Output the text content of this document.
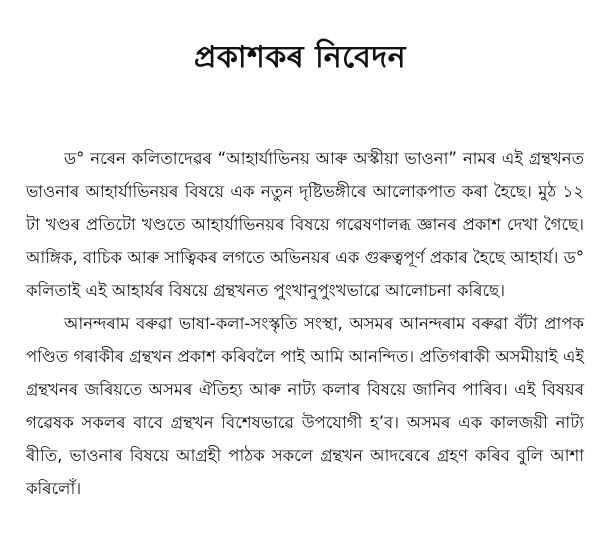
প্ৰকাশকৰ নিবেদন

ড° নৰেন কলিতাদেৱৰ “আহাৰ্যাভিনয় আৰু অস্কীয়া ভাওনা” নামৰ এই গ্ৰন্থখনত ভাওনাৰ আহাৰ্যাভিনয়ৰ বিষয়ে এক নতুন দৃষ্টিভঙ্গীৰে আলোকপাত কৰা হৈছে। মুঠ ১২ টা খণ্ডৰ প্ৰতিটো খণ্ডতে আহাৰ্যাভিনয়ৰ বিষয়ে গৱেষণালব্ধ জ্ঞানৰ প্ৰকাশ দেখা গৈছে। আঙ্গিক, বাচিক আৰু সাত্বিকৰ লগতে অভিনয়ৰ এক গুৰুত্বপূৰ্ণ প্ৰকাৰ হৈছে আহাৰ্য। ড° কলিতাই এই আহাৰ্যৰ বিষয়ে গ্ৰন্থখনত পুংখানুপুংখভাৱে আলোচনা কৰিছে।

আনন্দৰাম বৰুৱা ভাষা-কলা-সংস্কৃতি সংস্থা, অসমৰ আনন্দৰাম বৰুৱা বঁটা প্ৰাপক পণ্ডিত গৰাকীৰ গ্ৰন্থখন প্ৰকাশ কৰিবলৈ পাই আমি আনন্দিত। প্ৰতিগৰাকী অসমীয়াই এই গ্ৰন্থখনৰ জৰিয়তে অসমৰ ঐতিহ্য আৰু নাট্য কলাৰ বিষয়ে জানিব পাৰিব। এই বিষয়ৰ গৱেষক সকলৰ বাবে গ্ৰন্থখন বিশেষভাৱে উপযোগী হ’ব। অসমৰ এক কালজয়ী নাট্য ৰীতি, ভাওনাৰ বিষয়ে আগ্ৰহী পাঠক সকলে গ্ৰন্থখন আদৰেৰে গ্ৰহণ কৰিব বুলি আশা কৰিলোঁ।
